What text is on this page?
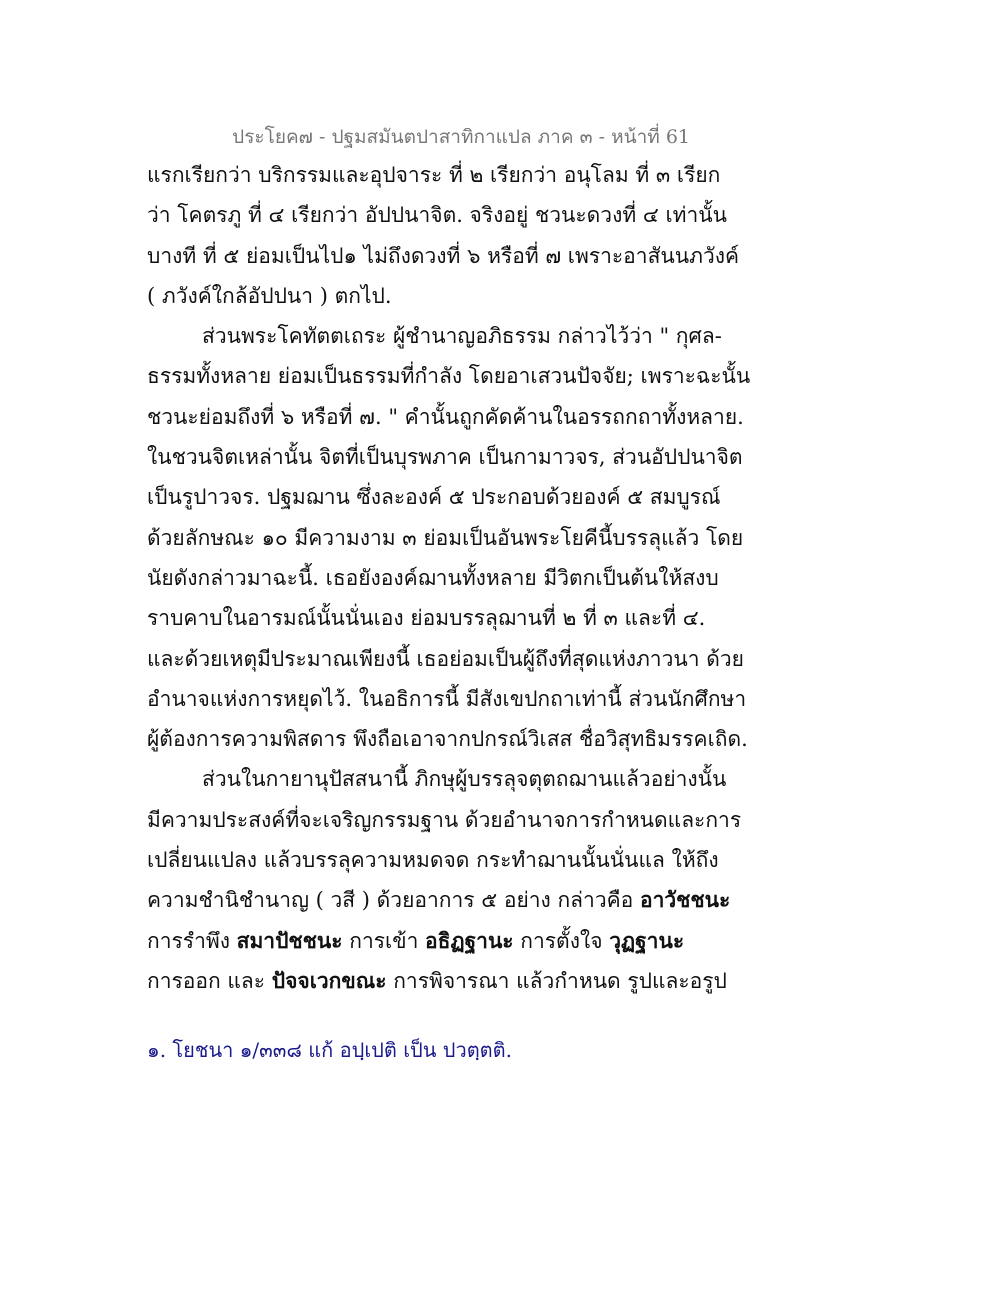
ประโยค๗ - ปฐมสมันตปาสาทิกาแปล ภาค ๓ - หน้าที่ 61
แรกเรียกว่า บริกรรมและอุปจาระ ที่ ๒ เรียกว่า อนุโลม ที่ ๓ เรียก
ว่า โคตรภู ที่ ๔ เรียกว่า อัปปนาจิต. จริงอยู่ ชวนะดวงที่ ๔ เท่านั้น
บางที ที่ ๕ ย่อมเป็นไป๑ ไม่ถึงดวงที่ ๖ หรือที่ ๗ เพราะอาสันนภวังค์
( ภวังค์ใกล้อัปปนา ) ตกไป.
ส่วนพระโคทัตตเถระ ผู้ชำนาญอภิธรรม กล่าวไว้ว่า " กุศล-
ธรรมทั้งหลาย ย่อมเป็นธรรมที่กำลัง โดยอาเสวนปัจจัย; เพราะฉะนั้น
ชวนะย่อมถึงที่ ๖ หรือที่ ๗. " คำนั้นถูกคัดค้านในอรรถกถาทั้งหลาย.
ในชวนจิตเหล่านั้น จิตที่เป็นบุรพภาค เป็นกามาวจร, ส่วนอัปปนาจิต
เป็นรูปาวจร. ปฐมฌาน ซึ่งละองค์ ๕ ประกอบด้วยองค์ ๕ สมบูรณ์
ด้วยลักษณะ ๑๐ มีความงาม ๓ ย่อมเป็นอันพระโยคีนี้บรรลุแล้ว โดย
นัยดังกล่าวมาฉะนี้. เธอยังองค์ฌานทั้งหลาย มีวิตกเป็นต้นให้สงบ
ราบคาบในอารมณ์นั้นนั่นเอง ย่อมบรรลุฌานที่ ๒ ที่ ๓ และที่ ๔.
และด้วยเหตุมีประมาณเพียงนี้ เธอย่อมเป็นผู้ถึงที่สุดแห่งภาวนา ด้วย
อำนาจแห่งการหยุดไว้. ในอธิการนี้ มีสังเขปกถาเท่านี้ ส่วนนักศึกษา
ผู้ต้องการความพิสดาร พึงถือเอาจากปกรณ์วิเสส ชื่อวิสุทธิมรรคเถิด.
ส่วนในกายานุปัสสนานี้ ภิกษุผู้บรรลุจตุตถฌานแล้วอย่างนั้น
มีความประสงค์ที่จะเจริญกรรมฐาน ด้วยอำนาจการกำหนดและการ
เปลี่ยนแปลง แล้วบรรลุความหมดจด กระทำฌานนั้นนั่นแล ให้ถึง
ความชำนิชำนาญ ( วสี ) ด้วยอาการ ๕ อย่าง กล่าวคือ อาวัชชนะ
การรำพึง สมาปัชชนะ การเข้า อธิฏฐานะ การตั้งใจ วุฏฐานะ
การออก และ ปัจจเวกขณะ การพิจารณา แล้วกำหนด รูปและอรูป
๑. โยชนา ๑/๓๓๘ แก้ อปฺเปติ เป็น ปวตฺตติ.
